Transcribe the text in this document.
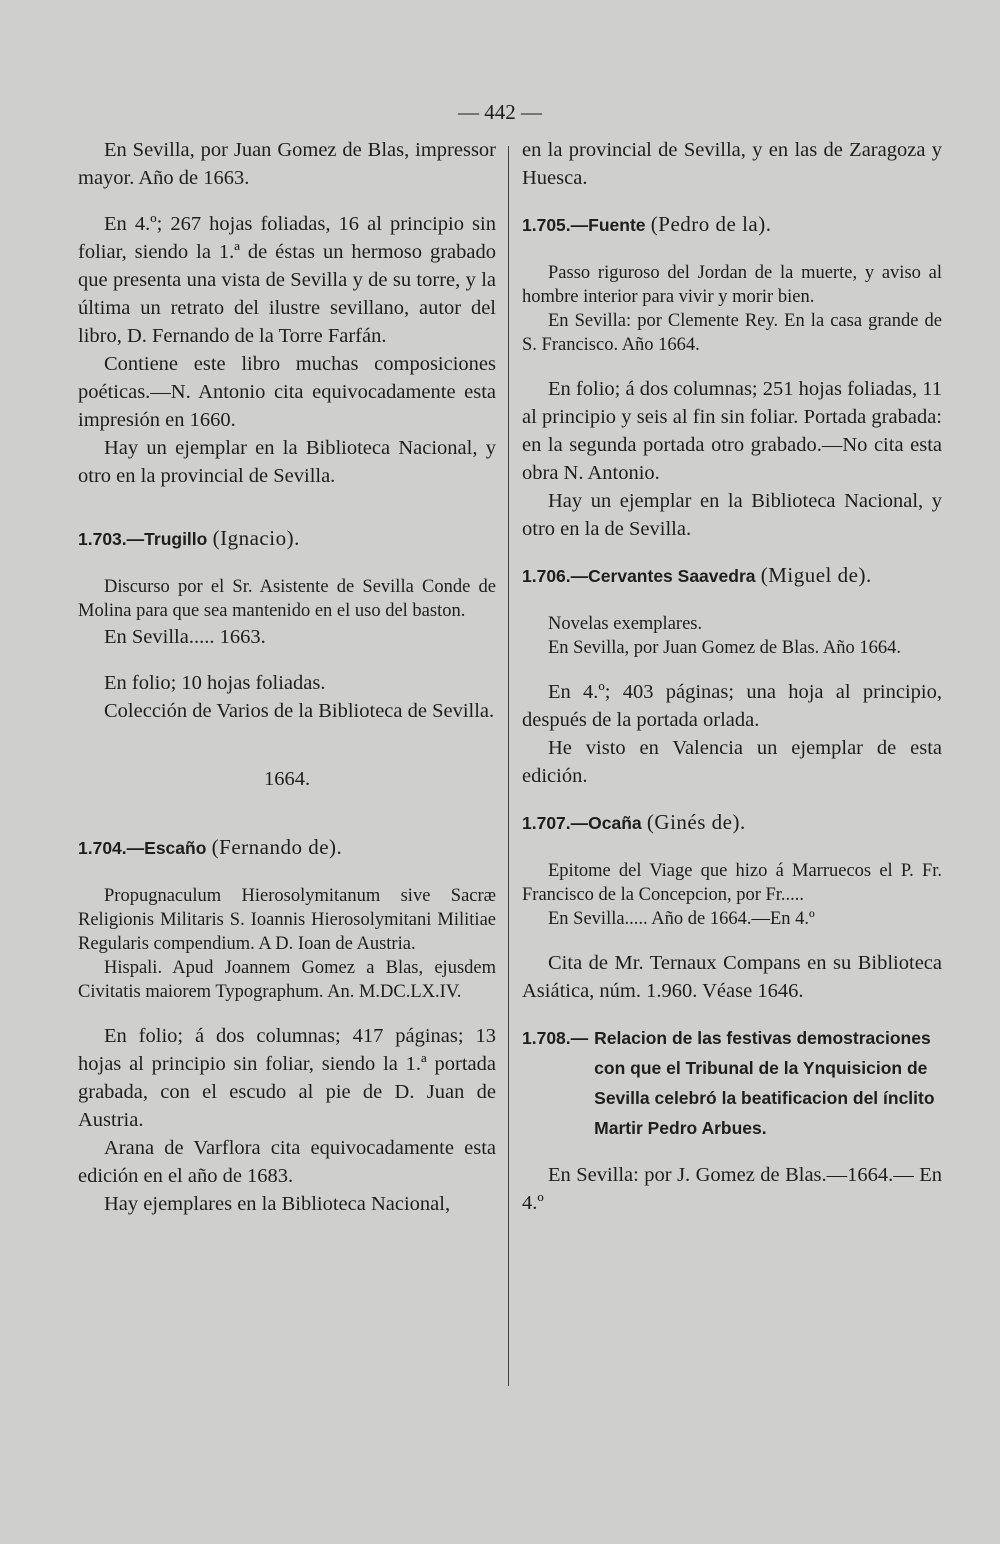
— 442 —

En Sevilla, por Juan Gomez de Blas, impressor mayor. Año de 1663.

En 4.º; 267 hojas foliadas, 16 al principio sin foliar, siendo la 1.ª de éstas un hermoso grabado que presenta una vista de Sevilla y de su torre, y la última un retrato del ilustre sevillano, autor del libro, D. Fernando de la Torre Farfán.

Contiene este libro muchas composiciones poéticas.—N. Antonio cita equivocadamente esta impresión en 1660.

Hay un ejemplar en la Biblioteca Nacional, y otro en la provincial de Sevilla.

1.703.—Trugillo (Ignacio).

Discurso por el Sr. Asistente de Sevilla Conde de Molina para que sea mantenido en el uso del baston.

En Sevilla..... 1663.

En folio; 10 hojas foliadas.

Colección de Varios de la Biblioteca de Sevilla.

1664.

1.704.—Escaño (Fernando de).

Propugnaculum Hierosolymitanum sive Sacræ Religionis Militaris S. Ioannis Hierosolymitani Militiae Regularis compendium. A D. Ioan de Austria.

Hispali. Apud Joannem Gomez a Blas, ejusdem Civitatis maiorem Typographum. An. M.DC.LX.IV.

En folio; á dos columnas; 417 páginas; 13 hojas al principio sin foliar, siendo la 1.ª portada grabada, con el escudo al pie de D. Juan de Austria.

Arana de Varflora cita equivocadamente esta edición en el año de 1683.

Hay ejemplares en la Biblioteca Nacional,

en la provincial de Sevilla, y en las de Zaragoza y Huesca.

1.705.—Fuente (Pedro de la).

Passo riguroso del Jordan de la muerte, y aviso al hombre interior para vivir y morir bien.

En Sevilla: por Clemente Rey. En la casa grande de S. Francisco. Año 1664.

En folio; á dos columnas; 251 hojas foliadas, 11 al principio y seis al fin sin foliar. Portada grabada: en la segunda portada otro grabado.—No cita esta obra N. Antonio.

Hay un ejemplar en la Biblioteca Nacional, y otro en la de Sevilla.

1.706.—Cervantes Saavedra (Miguel de).

Novelas exemplares.

En Sevilla, por Juan Gomez de Blas. Año 1664.

En 4.º; 403 páginas; una hoja al principio, después de la portada orlada.

He visto en Valencia un ejemplar de esta edición.

1.707.—Ocaña (Ginés de).

Epitome del Viage que hizo á Marruecos el P. Fr. Francisco de la Concepcion, por Fr.....

En Sevilla..... Año de 1664.—En 4.º

Cita de Mr. Ternaux Compans en su Biblioteca Asiática, núm. 1.960. Véase 1646.

1.708.— Relacion de las festivas demostraciones con que el Tribunal de la Ynquisicion de Sevilla celebró la beatificacion del ínclito Martir Pedro Arbues.

En Sevilla: por J. Gomez de Blas.—1664.— En 4.º
